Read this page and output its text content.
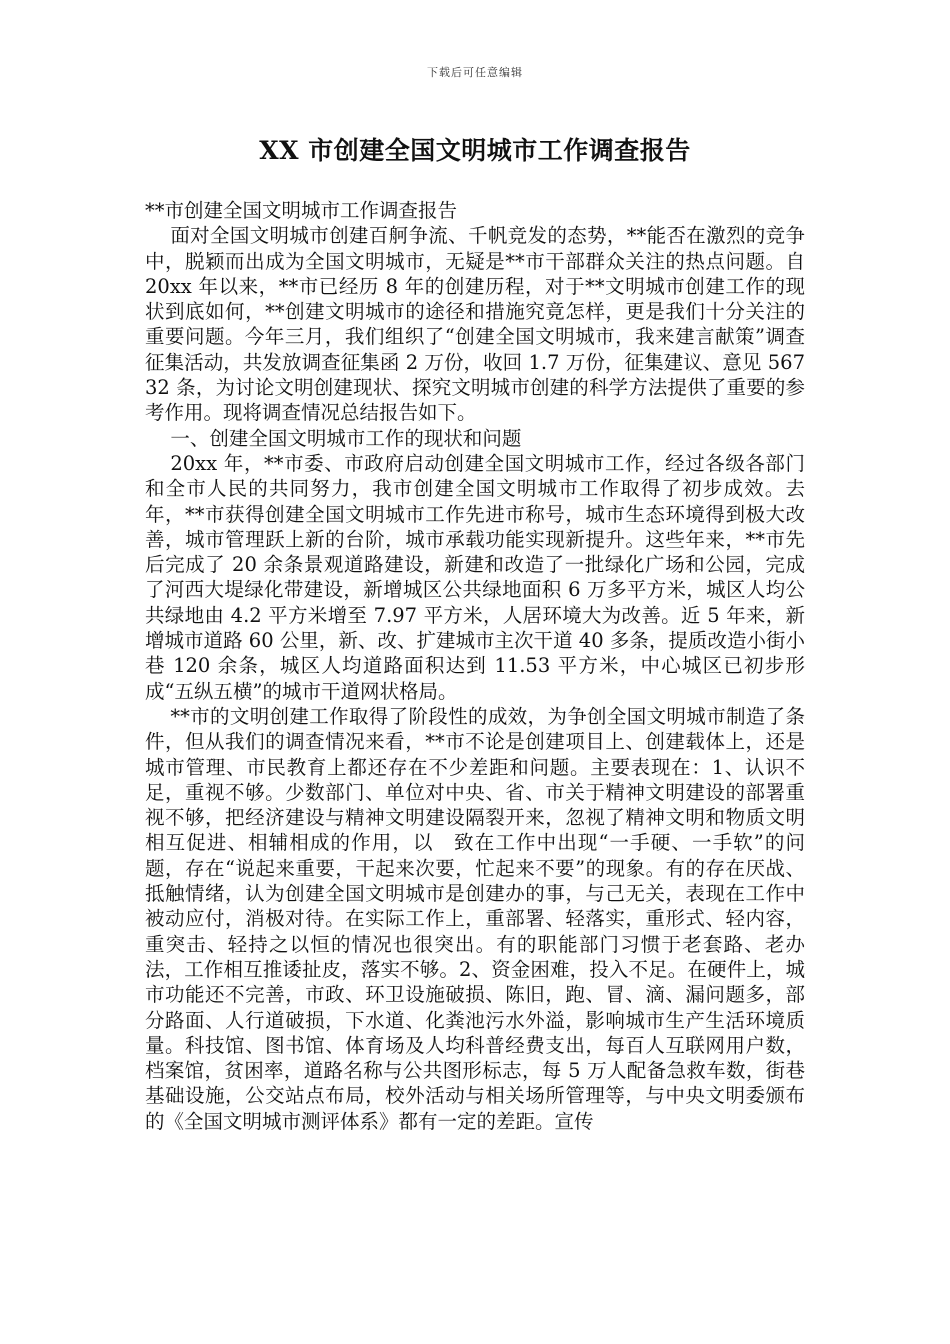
下载后可任意编辑
XX 市创建全国文明城市工作调查报告

**市创建全国文明城市工作调查报告

面对全国文明城市创建百舸争流、千帆竞发的态势，**能否在激烈的竞争中，脱颖而出成为全国文明城市，无疑是**市干部群众关注的热点问题。自 20xx 年以来，**市已经历 8 年的创建历程，对于**文明城市创建工作的现状到底如何，**创建文明城市的途径和措施究竟怎样，更是我们十分关注的重要问题。今年三月，我们组织了“创建全国文明城市，我来建言献策”调查征集活动，共发放调查征集函 2 万份，收回 1.7 万份，征集建议、意见 56732 条，为讨论文明创建现状、探究文明城市创建的科学方法提供了重要的参考作用。现将调查情况总结报告如下。

一、创建全国文明城市工作的现状和问题

20xx 年，**市委、市政府启动创建全国文明城市工作，经过各级各部门和全市人民的共同努力，我市创建全国文明城市工作取得了初步成效。去年，**市获得创建全国文明城市工作先进市称号，城市生态环境得到极大改善，城市管理跃上新的台阶，城市承载功能实现新提升。这些年来，**市先后完成了 20 余条景观道路建设，新建和改造了一批绿化广场和公园，完成了河西大堤绿化带建设，新增城区公共绿地面积 6 万多平方米，城区人均公共绿地由 4.2 平方米增至 7.97 平方米，人居环境大为改善。近 5 年来，新增城市道路 60 公里，新、改、扩建城市主次干道 40 多条，提质改造小街小巷 120 余条，城区人均道路面积达到 11.53 平方米，中心城区已初步形成“五纵五横”的城市干道网状格局。

**市的文明创建工作取得了阶段性的成效，为争创全国文明城市制造了条件，但从我们的调查情况来看，**市不论是创建项目上、创建载体上，还是城市管理、市民教育上都还存在不少差距和问题。主要表现在：1、认识不足，重视不够。少数部门、单位对中央、省、市关于精神文明建设的部署重视不够，把经济建设与精神文明建设隔裂开来，忽视了精神文明和物质文明相互促进、相辅相成的作用，以　致在工作中出现“一手硬、一手软”的问题，存在“说起来重要，干起来次要，忙起来不要”的现象。有的存在厌战、抵触情绪，认为创建全国文明城市是创建办的事，与己无关，表现在工作中被动应付，消极对待。在实际工作上，重部署、轻落实，重形式、轻内容，重突击、轻持之以恒的情况也很突出。有的职能部门习惯于老套路、老办法，工作相互推诿扯皮，落实不够。2、资金困难，投入不足。在硬件上，城市功能还不完善，市政、环卫设施破损、陈旧，跑、冒、滴、漏问题多，部分路面、人行道破损，下水道、化粪池污水外溢，影响城市生产生活环境质量。科技馆、图书馆、体育场及人均科普经费支出，每百人互联网用户数，档案馆，贫困率，道路名称与公共图形标志，每 5 万人配备急救车数，街巷基础设施，公交站点布局，校外活动与相关场所管理等，与中央文明委颁布的《全国文明城市测评体系》都有一定的差距。宣传
